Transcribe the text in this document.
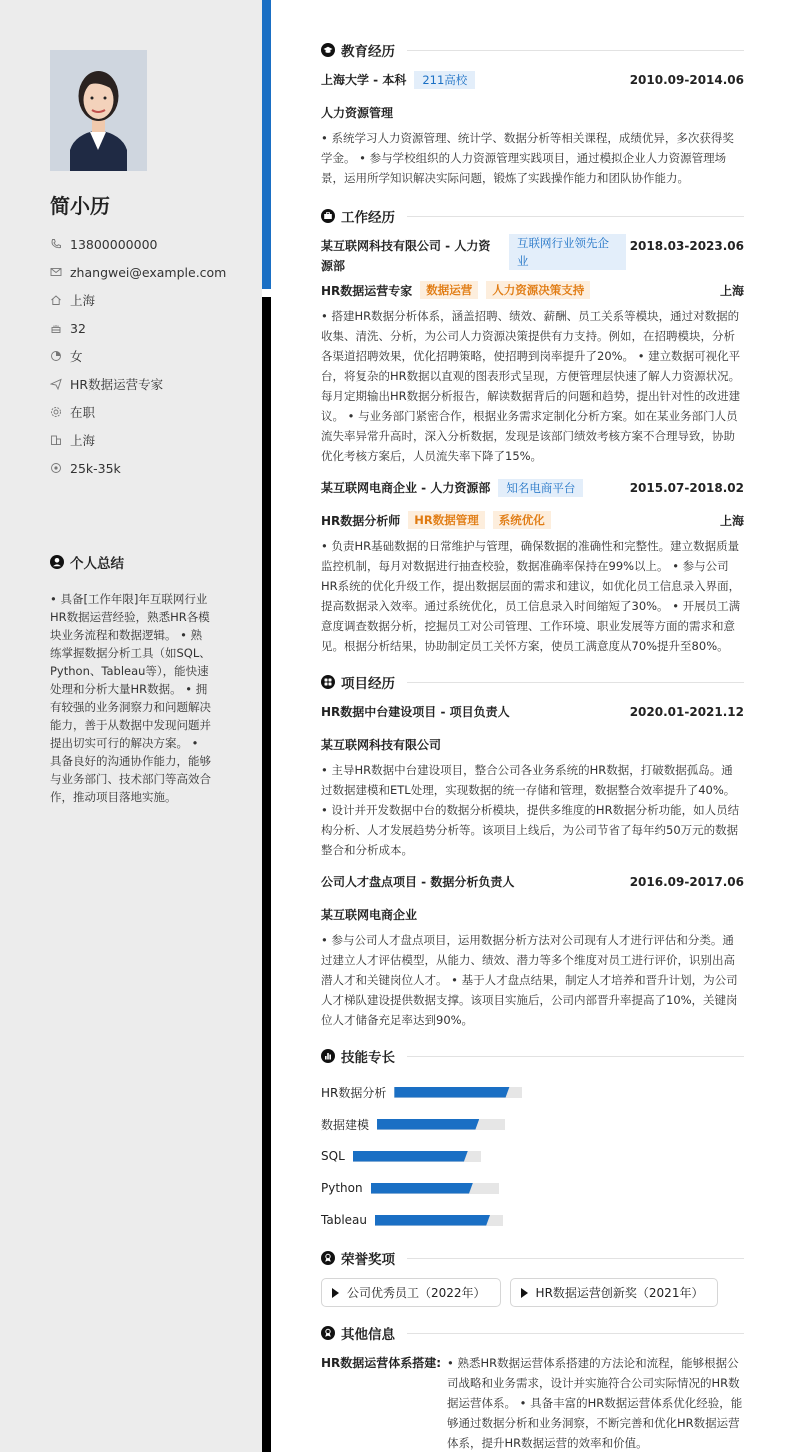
简小历
13800000000
zhangwei@example.com
上海
32
女
HR数据运营专家
在职
上海
25k-35k
个人总结
• 具备[工作年限]年互联网行业HR数据运营经验，熟悉HR各模块业务流程和数据逻辑。 • 熟练掌握数据分析工具（如SQL、Python、Tableau等），能快速处理和分析大量HR数据。 • 拥有较强的业务洞察力和问题解决能力，善于从数据中发现问题并提出切实可行的解决方案。 • 具备良好的沟通协作能力，能够与业务部门、技术部门等高效合作，推动项目落地实施。
教育经历
上海大学 - 本科	211高校	2010.09-2014.06
人力资源管理
• 系统学习人力资源管理、统计学、数据分析等相关课程，成绩优异，多次获得奖学金。 • 参与学校组织的人力资源管理实践项目，通过模拟企业人力资源管理场景，运用所学知识解决实际问题，锻炼了实践操作能力和团队协作能力。
工作经历
某互联网科技有限公司 - 人力资源部
互联网行业领先企业
2018.03-2023.06
HR数据运营专家	数据运营	人力资源决策支持	上海
• 搭建HR数据分析体系，涵盖招聘、绩效、薪酬、员工关系等模块，通过对数据的收集、清洗、分析，为公司人力资源决策提供有力支持。例如，在招聘模块，分析各渠道招聘效果，优化招聘策略，使招聘到岗率提升了20%。 • 建立数据可视化平台，将复杂的HR数据以直观的图表形式呈现，方便管理层快速了解人力资源状况。每月定期输出HR数据分析报告，解读数据背后的问题和趋势，提出针对性的改进建议。 • 与业务部门紧密合作，根据业务需求定制化分析方案。如在某业务部门人员流失率异常升高时，深入分析数据，发现是该部门绩效考核方案不合理导致，协助优化考核方案后，人员流失率下降了15%。
某互联网电商企业 - 人力资源部	知名电商平台	2015.07-2018.02
HR数据分析师	HR数据管理	系统优化	上海
• 负责HR基础数据的日常维护与管理，确保数据的准确性和完整性。建立数据质量监控机制，每月对数据进行抽查校验，数据准确率保持在99%以上。 • 参与公司HR系统的优化升级工作，提出数据层面的需求和建议，如优化员工信息录入界面，提高数据录入效率。通过系统优化，员工信息录入时间缩短了30%。 • 开展员工满意度调查数据分析，挖掘员工对公司管理、工作环境、职业发展等方面的需求和意见。根据分析结果，协助制定员工关怀方案，使员工满意度从70%提升至80%。
项目经历
HR数据中台建设项目 - 项目负责人	2020.01-2021.12
某互联网科技有限公司
• 主导HR数据中台建设项目，整合公司各业务系统的HR数据，打破数据孤岛。通过数据建模和ETL处理，实现数据的统一存储和管理，数据整合效率提升了40%。 • 设计并开发数据中台的数据分析模块，提供多维度的HR数据分析功能，如人员结构分析、人才发展趋势分析等。该项目上线后，为公司节省了每年约50万元的数据整合和分析成本。
公司人才盘点项目 - 数据分析负责人	2016.09-2017.06
某互联网电商企业
• 参与公司人才盘点项目，运用数据分析方法对公司现有人才进行评估和分类。通过建立人才评估模型，从能力、绩效、潜力等多个维度对员工进行评价，识别出高潜人才和关键岗位人才。 • 基于人才盘点结果，制定人才培养和晋升计划，为公司人才梯队建设提供数据支撑。该项目实施后，公司内部晋升率提高了10%，关键岗位人才储备充足率达到90%。
技能专长
HR数据分析
数据建模
SQL
Python
Tableau
荣誉奖项
公司优秀员工（2022年）	HR数据运营创新奖（2021年）
其他信息
HR数据运营体系搭建: • 熟悉HR数据运营体系搭建的方法论和流程，能够根据公司战略和业务需求，设计并实施符合公司实际情况的HR数据运营体系。 • 具备丰富的HR数据运营体系优化经验，能够通过数据分析和业务洞察，不断完善和优化HR数据运营体系，提升HR数据运营的效率和价值。
